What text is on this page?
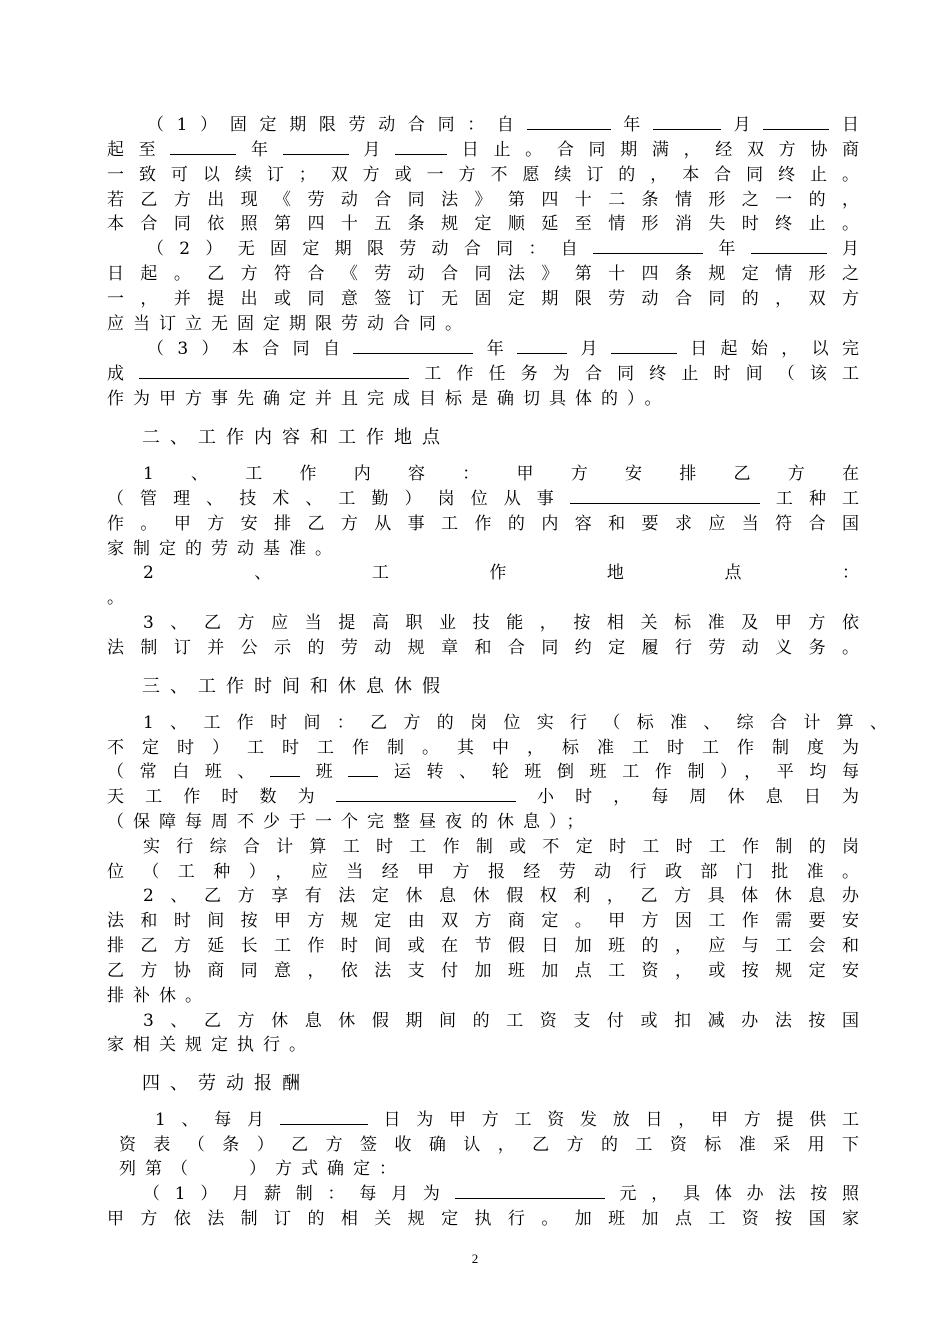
（1）固定期限劳动合同：自	年	月	日
起至	年	月	日止。合同期满，经双方协商
一致可以续订；双方或一方不愿续订的，本合同终止。
若乙方出现《劳动合同法》第四十二条情形之一的，
本合同依照第四十五条规定顺延至情形消失时终止。
（2）无固定期限劳动合同：自	年	月
日起。乙方符合《劳动合同法》第十四条规定情形之
一，并提出或同意签订无固定期限劳动合同的，双方
应当订立无固定期限劳动合同。
（3）本合同自	年	月	日起始，以完
成	工作任务为合同终止时间（该工
作为甲方事先确定并且完成目标是确切具体的）。
二、工作内容和工作地点
1、工作内容：甲方安排乙方在
（管理、技术、工勤）岗位从事	工种工
作。甲方安排乙方从事工作的内容和要求应当符合国
家制定的劳动基准。
2、工作地点：
。
3、乙方应当提高职业技能，按相关标准及甲方依
法制订并公示的劳动规章和合同约定履行劳动义务。
三、工作时间和休息休假
1、工作时间：乙方的岗位实行（标准、综合计算、
不定时）工时工作制。其中，标准工时工作制度为
（常白班、 班 运转、轮班倒班工作制），平均每
天工作时数为	小时，每周休息日为
（保障每周不少于一个完整昼夜的休息）；
实行综合计算工时工作制或不定时工时工作制的岗
位（工种），应当经甲方报经劳动行政部门批准。
2、乙方享有法定休息休假权利，乙方具体休息办
法和时间按甲方规定由双方商定。甲方因工作需要安
排乙方延长工作时间或在节假日加班的，应与工会和
乙方协商同意，依法支付加班加点工资，或按规定安
排补休。
3、乙方休息休假期间的工资支付或扣减办法按国
家相关规定执行。
四、劳动报酬
1、每月	日为甲方工资发放日，甲方提供工
资表（条）乙方签收确认，乙方的工资标准采用下
列第（　　）方式确定：
（1）月薪制：每月为	元，具体办法按照
甲方依法制订的相关规定执行。加班加点工资按国家
2
